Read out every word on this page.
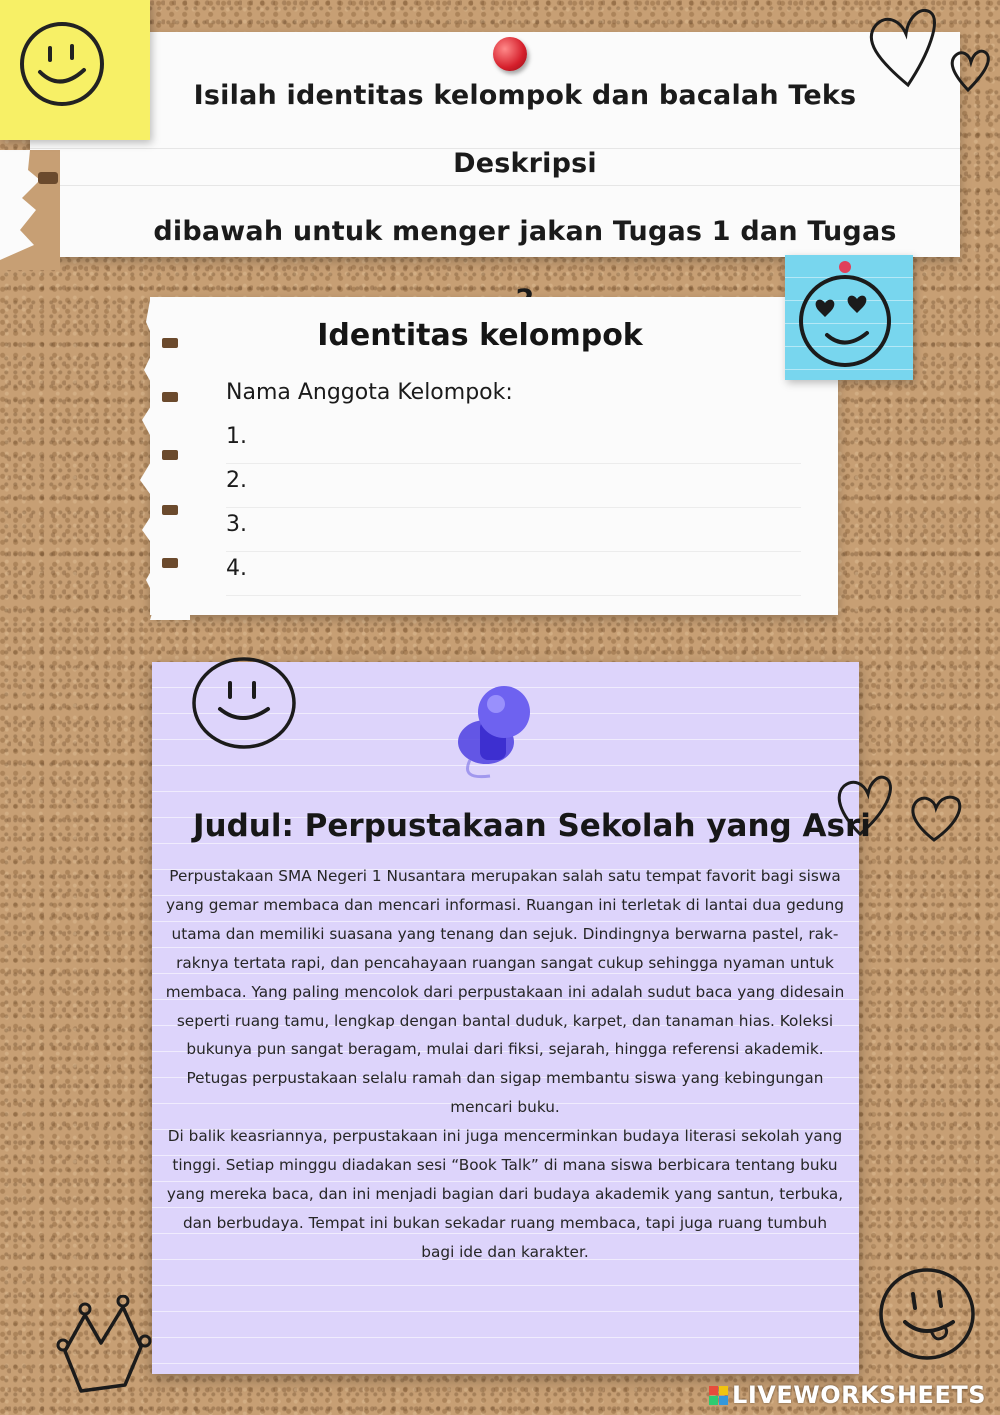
Isilah identitas kelompok dan bacalah Teks Deskripsi
dibawah untuk menger jakan Tugas 1 dan Tugas
Identitas kelompok
Nama Anggota Kelompok:
1.
2.
3.
4.
Judul: Perpustakaan Sekolah yang Asri

Perpustakaan SMA Negeri 1 Nusantara merupakan salah satu tempat favorit bagi siswa yang gemar membaca dan mencari informasi. Ruangan ini terletak di lantai dua gedung utama dan memiliki suasana yang tenang dan sejuk. Dindingnya berwarna pastel, rak-raknya tertata rapi, dan pencahayaan ruangan sangat cukup sehingga nyaman untuk membaca. Yang paling mencolok dari perpustakaan ini adalah sudut baca yang didesain seperti ruang tamu, lengkap dengan bantal duduk, karpet, dan tanaman hias. Koleksi bukunya pun sangat beragam, mulai dari fiksi, sejarah, hingga referensi akademik. Petugas perpustakaan selalu ramah dan sigap membantu siswa yang kebingungan mencari buku.

Di balik keasriannya, perpustakaan ini juga mencerminkan budaya literasi sekolah yang tinggi. Setiap minggu diadakan sesi “Book Talk” di mana siswa berbicara tentang buku yang mereka baca, dan ini menjadi bagian dari budaya akademik yang santun, terbuka, dan berbudaya. Tempat ini bukan sekadar ruang membaca, tapi juga ruang tumbuh bagi ide dan karakter.

LIVEWORKSHEETS
